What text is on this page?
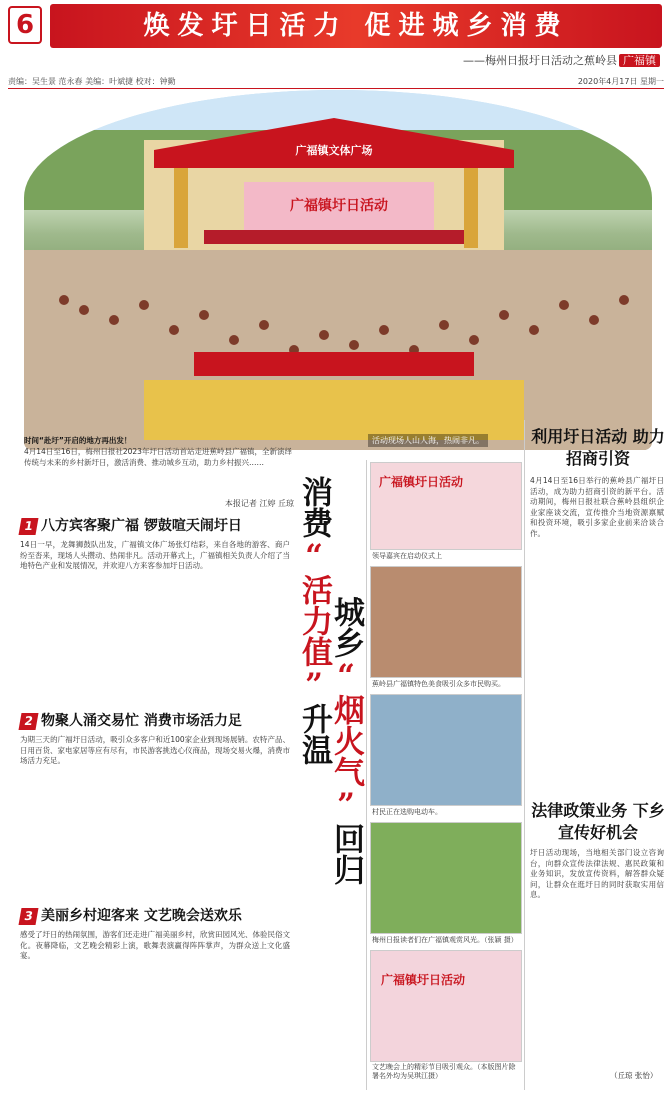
6	焕发圩日活力 促进城乡消费
——梅州日报圩日活动之蕉岭县 广福镇
责编：吴生景 范永春 美编：叶斌捷 校对：钟勤	2020年4月17日 星期一
广福镇文体广场
广福镇圩日活动
活动现场人山人海，热闹非凡。
时间“赴圩”开启的地方再出发！
4月14日至16日，梅州日报社2023年圩日活动首站走进蕉岭县广福镇，全新演绎传统与未来的乡村新圩日，激活消费、推动城乡互动，助力乡村振兴……
本报记者 江婷 丘琼 消费“活力值”升温
城乡“烟火气”回归
1 八方宾客聚广福 锣鼓喧天闹圩日
14日一早，龙舞狮鼓队出发，广福镇文体广场张灯结彩，来自各地的游客、商户纷至沓来，现场人头攒动、热闹非凡。活动开幕式上，广福镇相关负责人介绍了当地特色产业和发展情况，并欢迎八方来客参加圩日活动。
2 物聚人涌交易忙 消费市场活力足
为期三天的广福圩日活动，吸引众多客户和近100家企业到现场展销。农特产品、日用百货、家电家居等应有尽有，市民游客挑选心仪商品，现场交易火爆，消费市场活力充足。
3 美丽乡村迎客来 文艺晚会送欢乐
感受了圩日的热闹氛围，游客们还走进广福美丽乡村，欣赏田园风光、体验民俗文化。夜幕降临，文艺晚会精彩上演，歌舞表演赢得阵阵掌声，为群众送上文化盛宴。
广福镇圩日活动
领导嘉宾在启动仪式上
蕉岭县广福镇特色美食吸引众多市民购买。
村民正在选购电动车。
梅州日报读者们在广福镇观赏风光。（张颖 摄）
广福镇圩日活动
文艺晚会上的精彩节目吸引观众。（本版图片除署名外均为吴琪江摄）
利用圩日活动 助力招商引资
4月14日至16日举行的蕉岭县广福圩日活动，成为助力招商引资的新平台。活动期间，梅州日报社联合蕉岭县组织企业家座谈交流，宣传推介当地资源禀赋和投资环境，吸引多家企业前来洽谈合作。
法律政策业务 下乡宣传好机会
圩日活动现场，当地相关部门设立咨询台，向群众宣传法律法规、惠民政策和业务知识，发放宣传资料，解答群众疑问，让群众在逛圩日的同时获取实用信息。
（丘琼 张怡）
